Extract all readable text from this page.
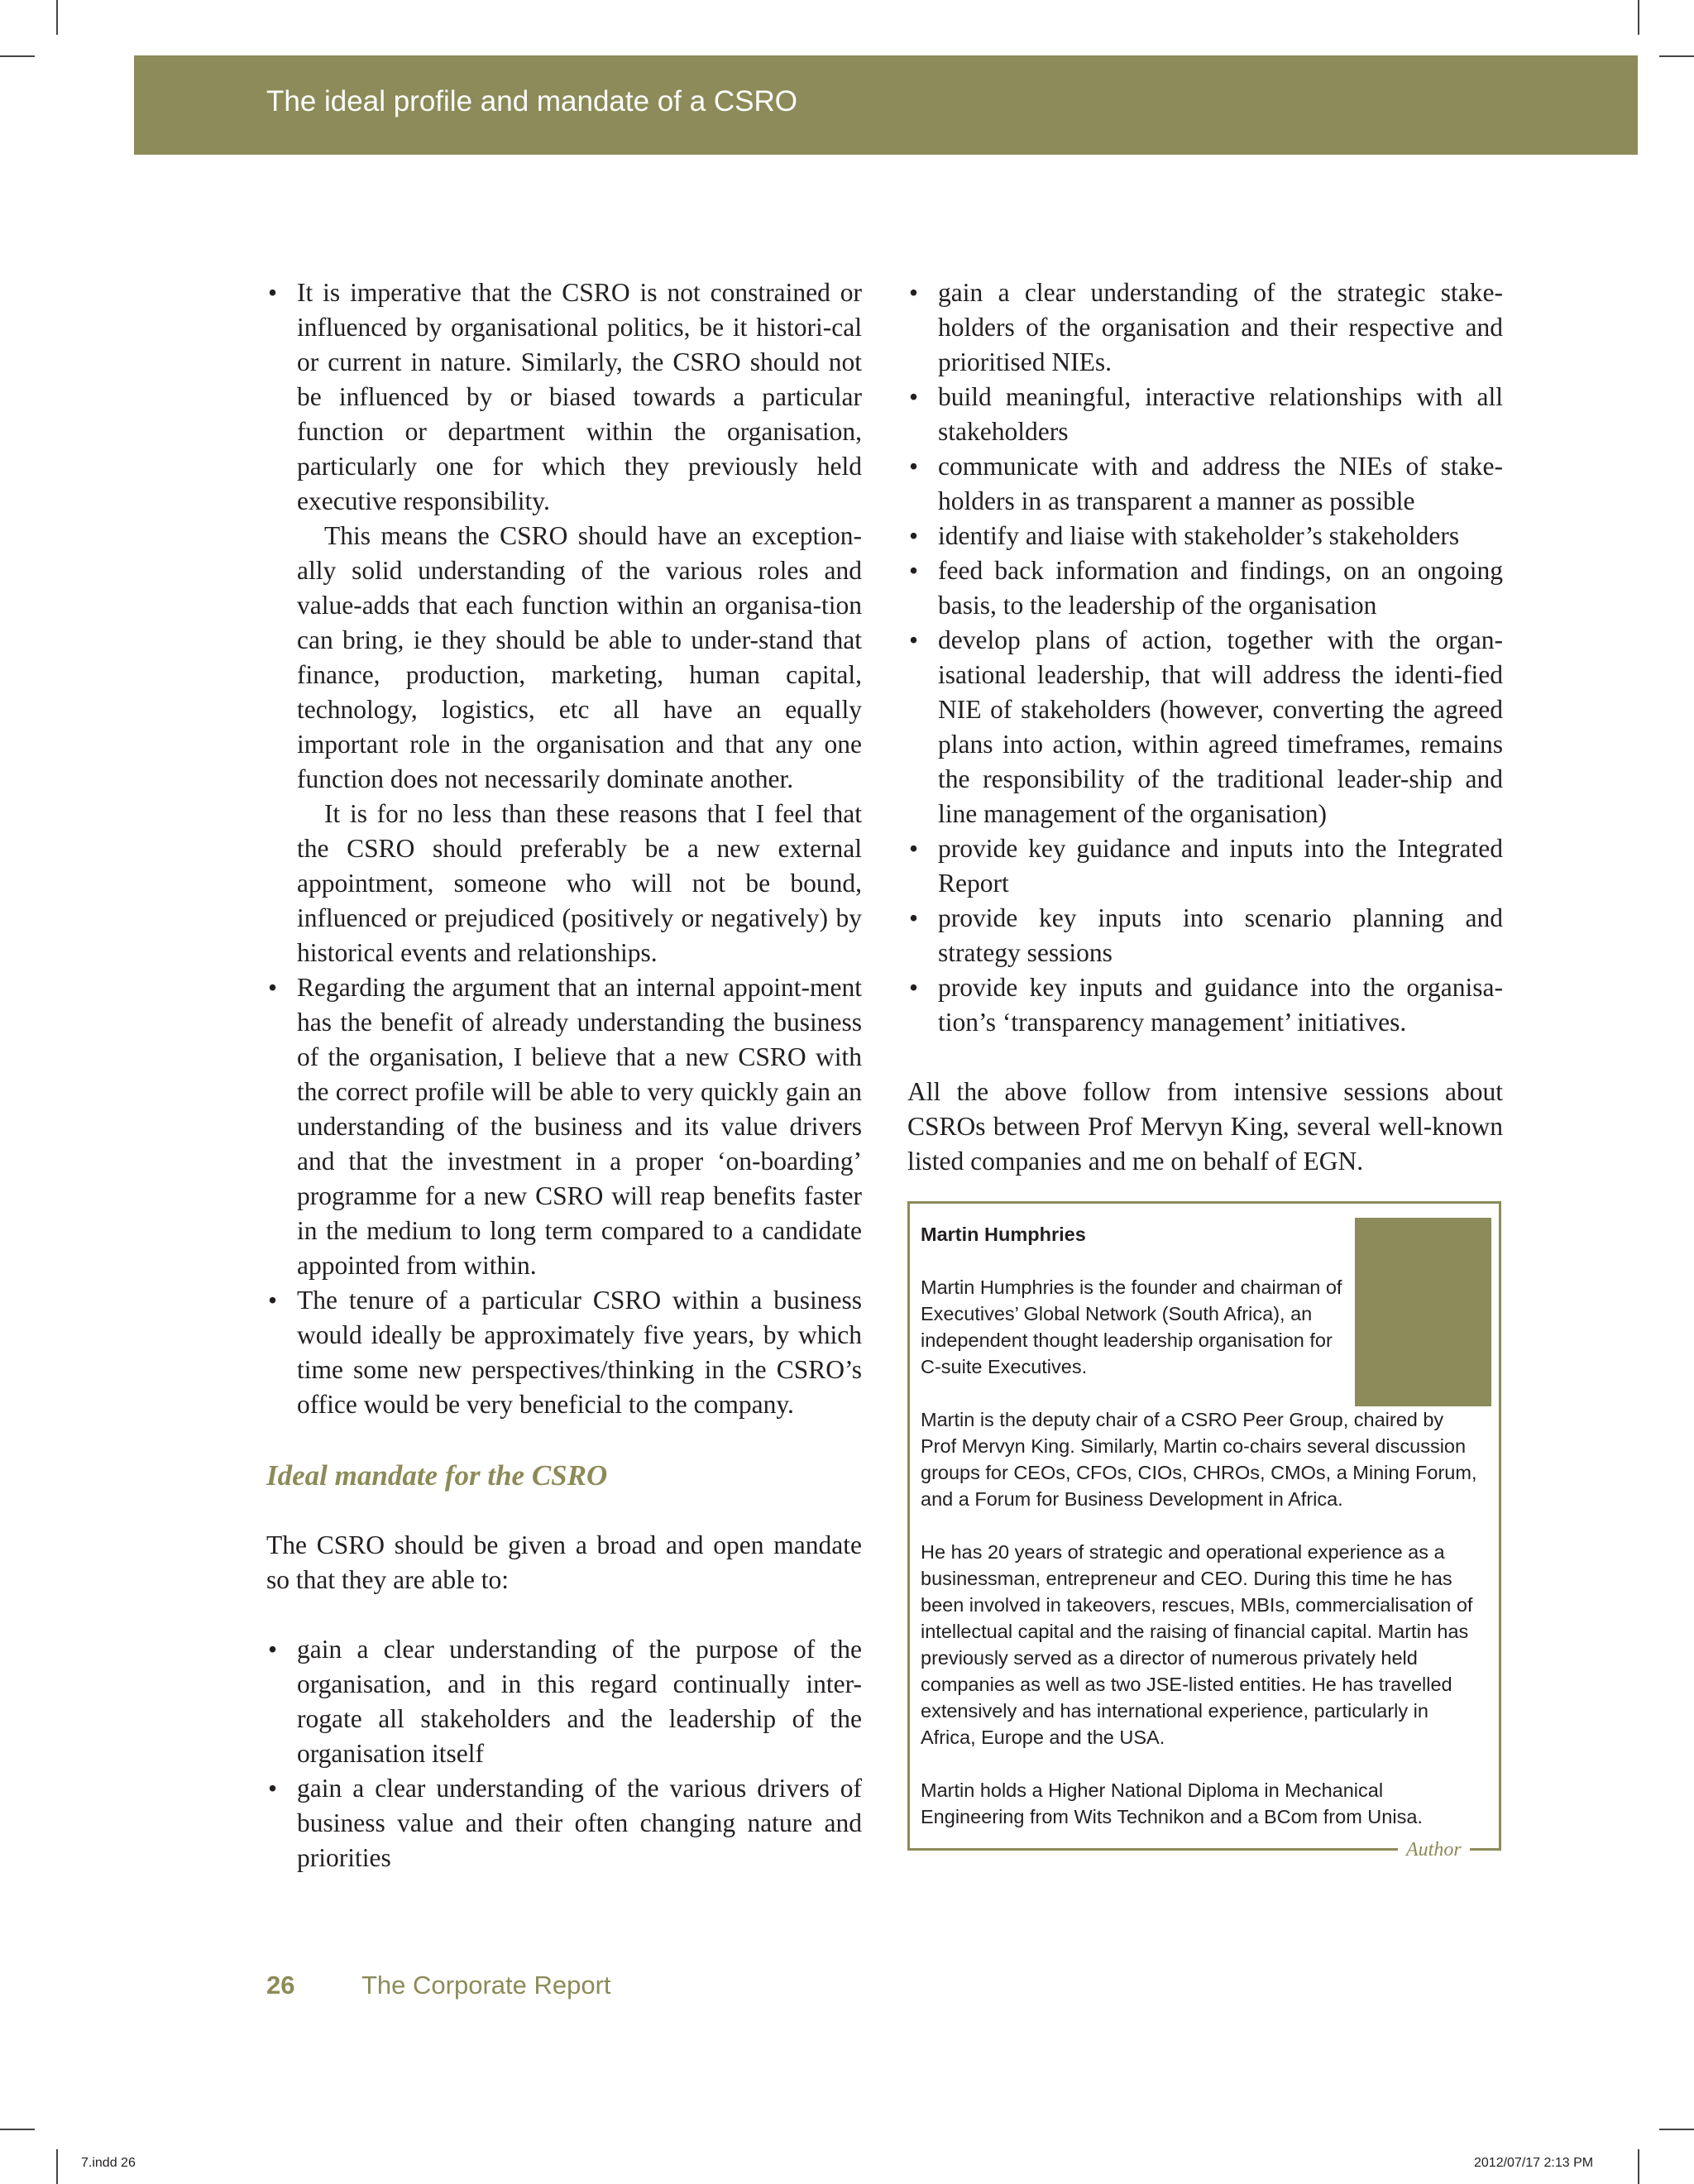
The ideal profile and mandate of a CSRO

• It is imperative that the CSRO is not constrained or influenced by organisational politics, be it histori-cal or current in nature. Similarly, the CSRO should not be influenced by or biased towards a particular function or department within the organisation, particularly one for which they previously held executive responsibility.

This means the CSRO should have an exception-ally solid understanding of the various roles and value-adds that each function within an organisa-tion can bring, ie they should be able to under-stand that finance, production, marketing, human capital, technology, logistics, etc all have an equally important role in the organisation and that any one function does not necessarily dominate another.

It is for no less than these reasons that I feel that the CSRO should preferably be a new external appointment, someone who will not be bound, influenced or prejudiced (positively or negatively) by historical events and relationships.

• Regarding the argument that an internal appoint-ment has the benefit of already understanding the business of the organisation, I believe that a new CSRO with the correct profile will be able to very quickly gain an understanding of the business and its value drivers and that the investment in a proper ‘on-boarding’ programme for a new CSRO will reap benefits faster in the medium to long term compared to a candidate appointed from within.
• The tenure of a particular CSRO within a business would ideally be approximately five years, by which time some new perspectives/thinking in the CSRO’s office would be very beneficial to the company.
Ideal mandate for the CSRO

The CSRO should be given a broad and open mandate so that they are able to:

• gain a clear understanding of the purpose of the organisation, and in this regard continually inter-rogate all stakeholders and the leadership of the organisation itself
• gain a clear understanding of the various drivers of business value and their often changing nature and priorities
• gain a clear understanding of the strategic stake-holders of the organisation and their respective and prioritised NIEs.
• build meaningful, interactive relationships with all stakeholders
• communicate with and address the NIEs of stake-holders in as transparent a manner as possible
• identify and liaise with stakeholder’s stakeholders
• feed back information and findings, on an ongoing basis, to the leadership of the organisation
• develop plans of action, together with the organ-isational leadership, that will address the identi-fied NIE of stakeholders (however, converting the agreed plans into action, within agreed timeframes, remains the responsibility of the traditional leader-ship and line management of the organisation)
• provide key guidance and inputs into the Integrated Report
• provide key inputs into scenario planning and strategy sessions
• provide key inputs and guidance into the organisa-tion’s ‘transparency management’ initiatives.

All the above follow from intensive sessions about CSROs between Prof Mervyn King, several well-known listed companies and me on behalf of EGN.

Martin Humphries

Martin Humphries is the founder and chairman of Executives’ Global Network (South Africa), an independent thought leadership organisation for C-suite Executives.

Martin is the deputy chair of a CSRO Peer Group, chaired by Prof Mervyn King. Similarly, Martin co-chairs several discussion groups for CEOs, CFOs, CIOs, CHROs, CMOs, a Mining Forum, and a Forum for Business Development in Africa.

He has 20 years of strategic and operational experience as a businessman, entrepreneur and CEO. During this time he has been involved in takeovers, rescues, MBIs, commercialisation of intellectual capital and the raising of financial capital. Martin has previously served as a director of numerous privately held companies as well as two JSE-listed entities. He has travelled extensively and has international experience, particularly in Africa, Europe and the USA.

Martin holds a Higher National Diploma in Mechanical Engineering from Wits Technikon and a BCom from Unisa.

Author
26	The Corporate Report
7.indd 26	2012/07/17 2:13 PM
